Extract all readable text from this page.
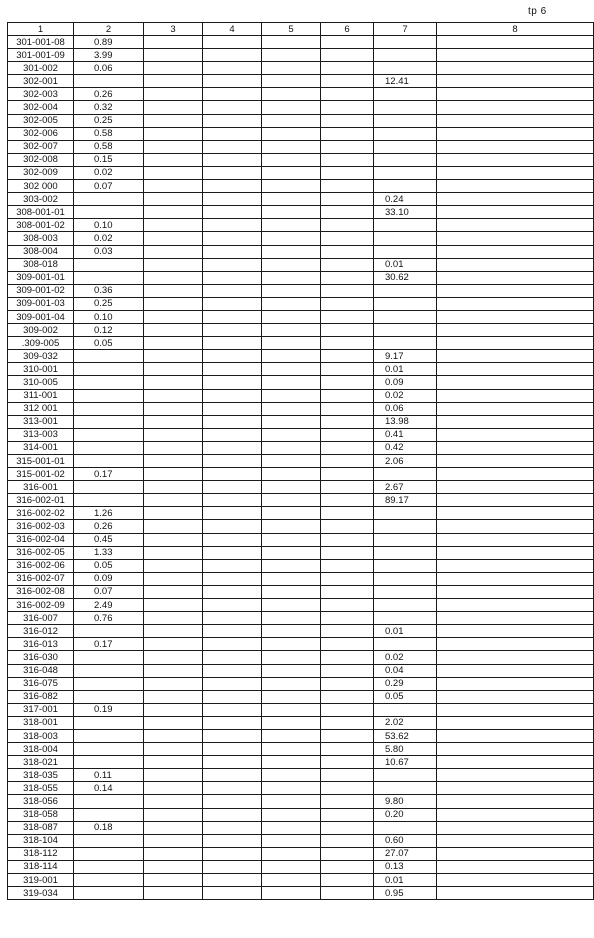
tp 6
1	2	3	4	5	6	7	8
301-001-08	0.89						
301-001-09	3.99						
301-002	0.06						
302-001						12.41	
302-003	0.26						
302-004	0.32						
302-005	0.25						
302-006	0.58						
302-007	0.58						
302-008	0.15						
302-009	0.02						
302 000	0.07						
303-002						0.24	
308-001-01						33.10	
308-001-02	0.10						
308-003	0.02						
308-004	0.03						
308-018						0.01	
309-001-01						30.62	
309-001-02	0.36						
309-001-03	0.25						
309-001-04	0.10						
309-002	0.12						
.309-005	0.05						
309-032						9.17	
310-001						0.01	
310-005						0.09	
311-001						0.02	
312 001						0.06	
313-001						13.98	
313-003						0.41	
314-001						0.42	
315-001-01						2.06	
315-001-02	0.17						
316-001						2.67	
316-002-01						89.17	
316-002-02	1.26						
316-002-03	0.26						
316-002-04	0.45						
316-002-05	1.33						
316-002-06	0.05						
316-002-07	0.09						
316-002-08	0.07						
316-002-09	2.49						
316-007	0.76						
316-012						0.01	
316-013	0.17						
316-030						0.02	
316-048						0.04	
316-075						0.29	
316-082						0.05	
317-001	0.19						
318-001						2.02	
318-003						53.62	
318-004						5.80	
318-021						10.67	
318-035	0.11						
318-055	0.14						
318-056						9.80	
318-058						0.20	
318-087	0.18						
318-104						0.60	
318-112						27.07	
318-114						0.13	
319-001						0.01	
319-034						0.95	
